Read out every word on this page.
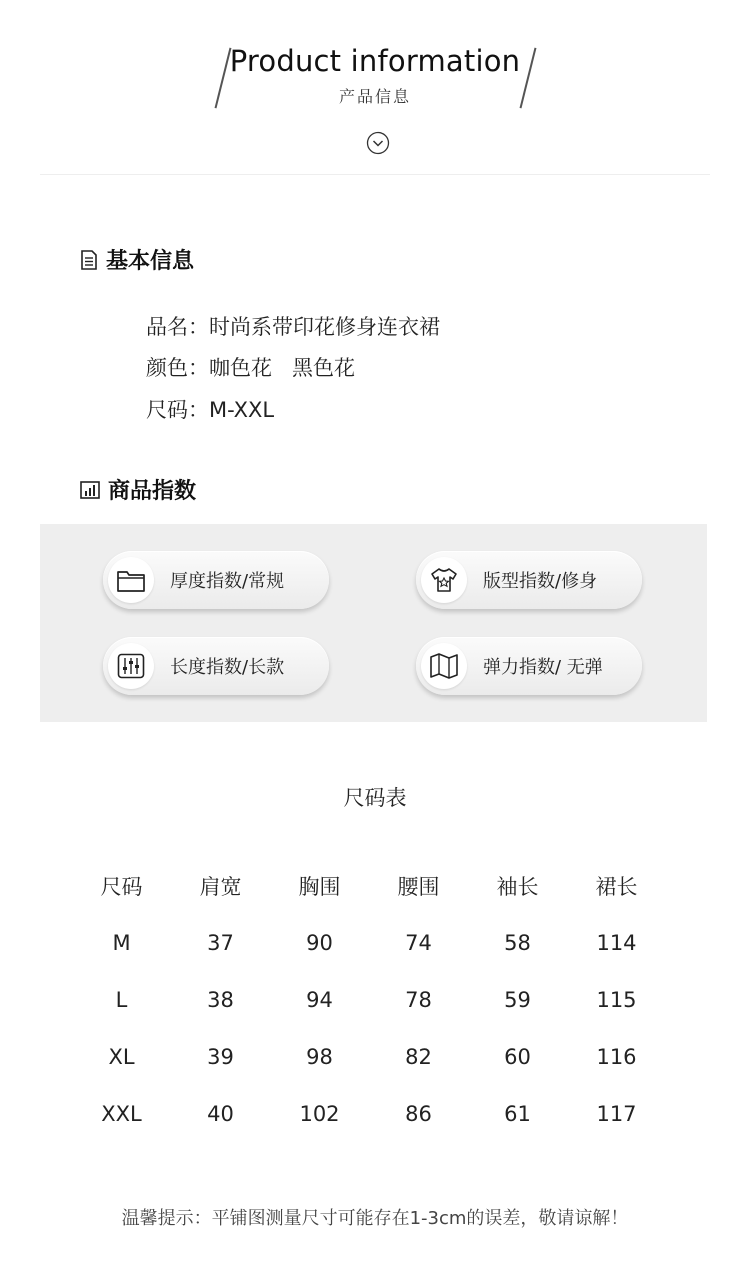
Product information
产品信息
基本信息
品名：时尚系带印花修身连衣裙
颜色：咖色花   黑色花
尺码：M-XXL
商品指数
厚度指数/常规	版型指数/修身
长度指数/长款	弹力指数/ 无弹
尺码表
尺码	肩宽	胸围	腰围	袖长	裙长
M	37	90	74	58	114
L	38	94	78	59	115
XL	39	98	82	60	116
XXL	40	102	86	61	117
温馨提示：平铺图测量尺寸可能存在1-3cm的误差，敬请谅解！
